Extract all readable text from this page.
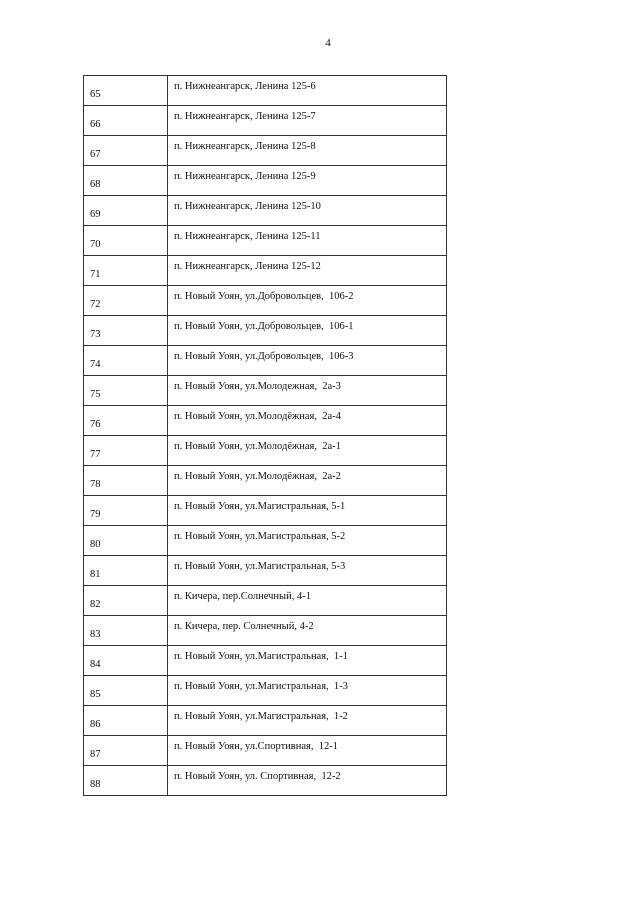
4
65	п. Нижнеангарск, Ленина 125-6
66	п. Нижнеангарск, Ленина 125-7
67	п. Нижнеангарск, Ленина 125-8
68	п. Нижнеангарск, Ленина 125-9
69	п. Нижнеангарск, Ленина 125-10
70	п. Нижнеангарск, Ленина 125-11
71	п. Нижнеангарск, Ленина 125-12
72	п. Новый Уоян, ул.Добровольцев,  106-2
73	п. Новый Уоян, ул.Добровольцев,  106-1
74	п. Новый Уоян, ул.Добровольцев,  106-3
75	п. Новый Уоян, ул.Молодежная,  2а-3
76	п. Новый Уоян, ул.Молодёжная,  2а-4
77	п. Новый Уоян, ул.Молодёжная,  2а-1
78	п. Новый Уоян, ул.Молодёжная,  2а-2
79	п. Новый Уоян, ул.Магистральная, 5-1
80	п. Новый Уоян, ул.Магистральная, 5-2
81	п. Новый Уоян, ул.Магистральная, 5-3
82	п. Кичера, пер.Солнечный, 4-1
83	п. Кичера, пер. Солнечный, 4-2
84	п. Новый Уоян, ул.Магистральная,  1-1
85	п. Новый Уоян, ул.Магистральная,  1-3
86	п. Новый Уоян, ул.Магистральная,  1-2
87	п. Новый Уоян, ул.Спортивная,  12-1
88	п. Новый Уоян, ул. Спортивная,  12-2
